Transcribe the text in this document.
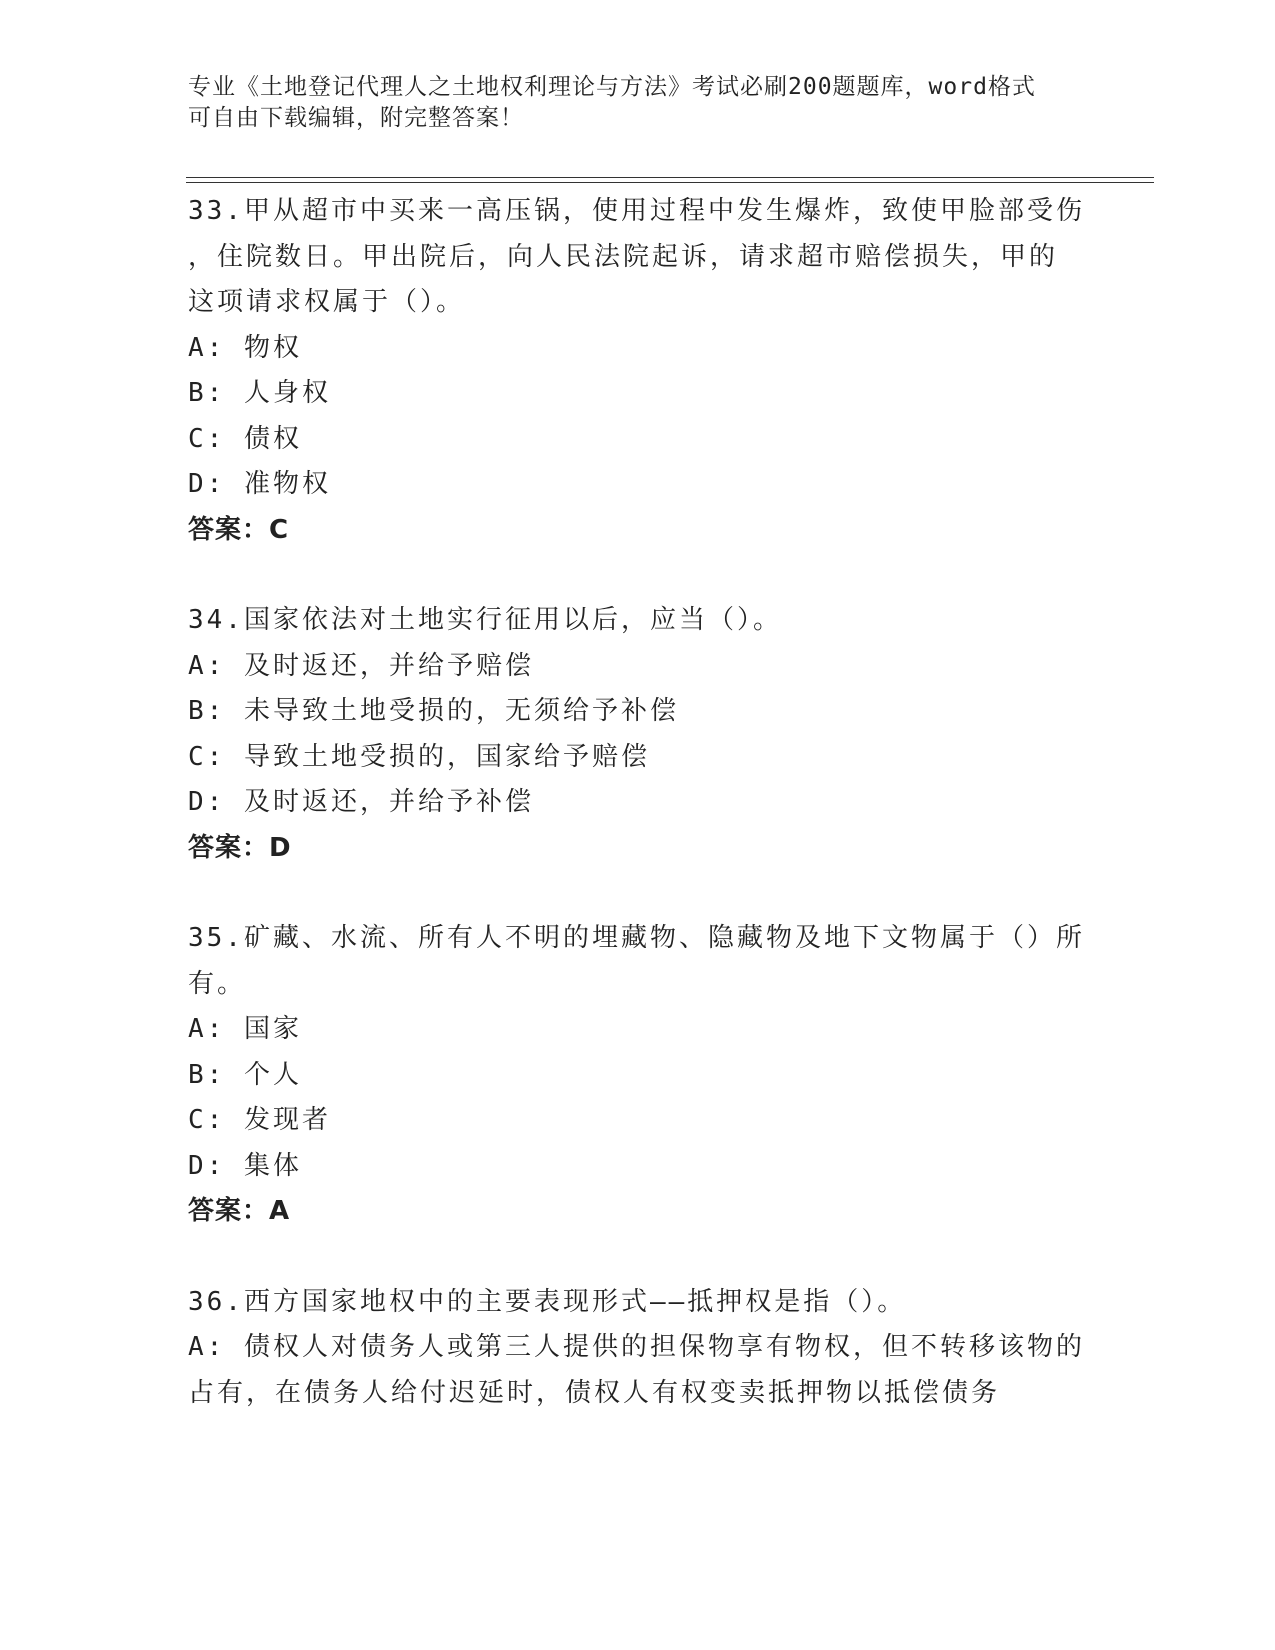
专业《土地登记代理人之土地权利理论与方法》考试必刷200题题库，word格式
可自由下载编辑，附完整答案！
33.甲从超市中买来一高压锅，使用过程中发生爆炸，致使甲脸部受伤
，住院数日。甲出院后，向人民法院起诉，请求超市赔偿损失，甲的
这项请求权属于（）。
A: 物权
B: 人身权
C: 债权
D: 准物权
答案：C
34.国家依法对土地实行征用以后，应当（）。
A: 及时返还，并给予赔偿
B: 未导致土地受损的，无须给予补偿
C: 导致土地受损的，国家给予赔偿
D: 及时返还，并给予补偿
答案：D
35.矿藏、水流、所有人不明的埋藏物、隐藏物及地下文物属于（）所
有。
A: 国家
B: 个人
C: 发现者
D: 集体
答案：A
36.西方国家地权中的主要表现形式——抵押权是指（）。
A: 债权人对债务人或第三人提供的担保物享有物权，但不转移该物的
占有，在债务人给付迟延时，债权人有权变卖抵押物以抵偿债务
